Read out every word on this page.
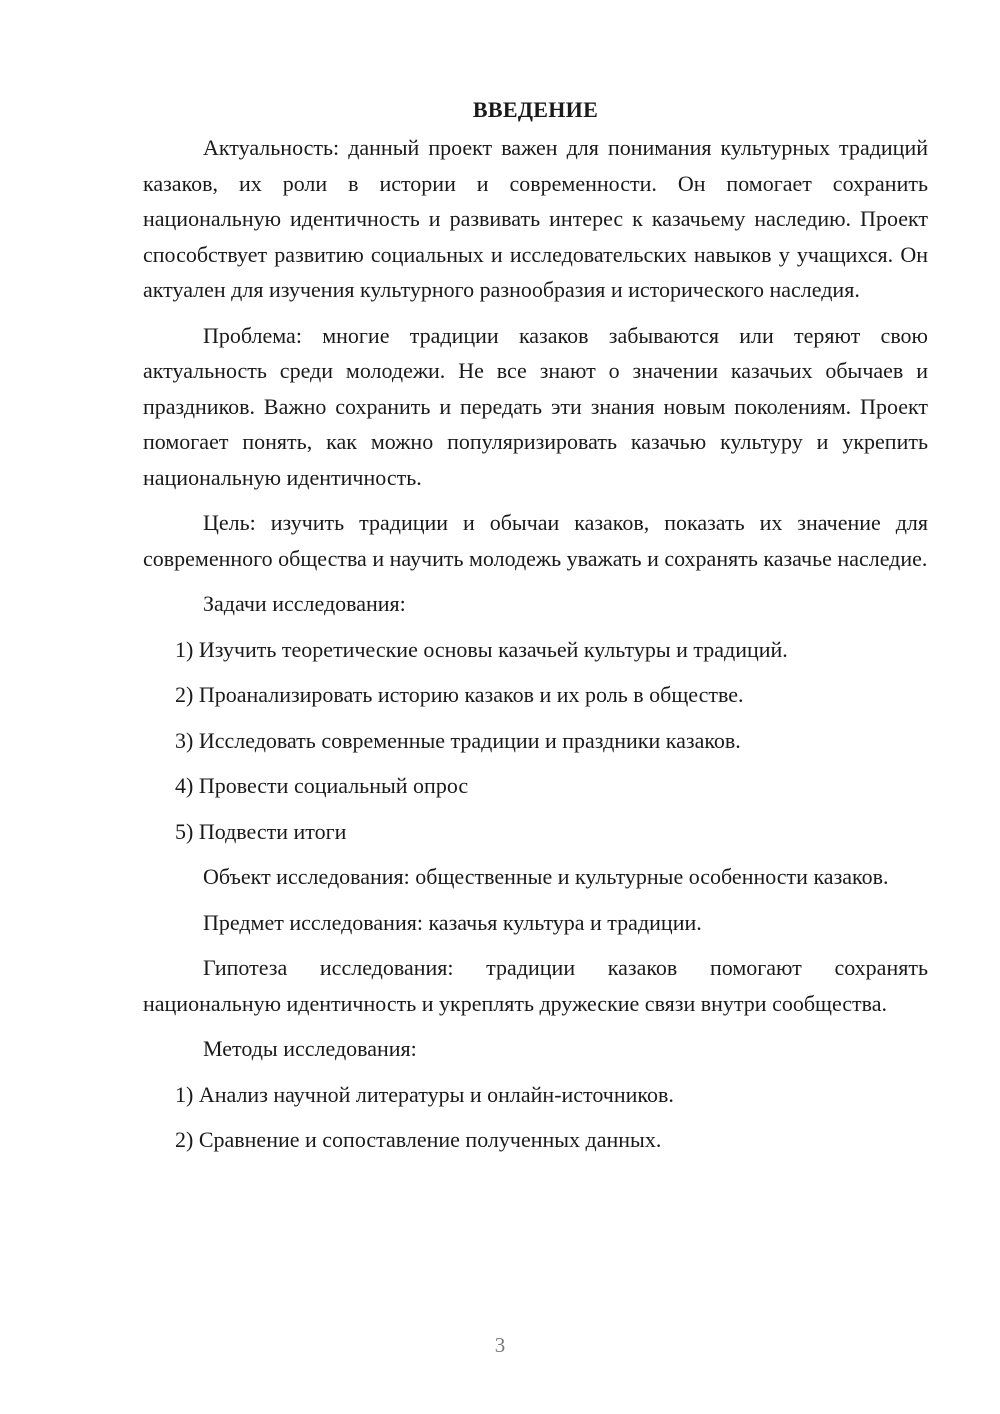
ВВЕДЕНИЕ

Актуальность: данный проект важен для понимания культурных традиций казаков, их роли в истории и современности. Он помогает сохранить национальную идентичность и развивать интерес к казачьему наследию. Проект способствует развитию социальных и исследовательских навыков у учащихся. Он актуален для изучения культурного разнообразия и исторического наследия.

Проблема: многие традиции казаков забываются или теряют свою актуальность среди молодежи. Не все знают о значении казачьих обычаев и праздников. Важно сохранить и передать эти знания новым поколениям. Проект помогает понять, как можно популяризировать казачью культуру и укрепить национальную идентичность.

Цель: изучить традиции и обычаи казаков, показать их значение для современного общества и научить молодежь уважать и сохранять казачье наследие.

Задачи исследования:

1) Изучить теоретические основы казачьей культуры и традиций.
2) Проанализировать историю казаков и их роль в обществе.
3) Исследовать современные традиции и праздники казаков.
4) Провести социальный опрос
5) Подвести итоги

Объект исследования: общественные и культурные особенности казаков.

Предмет исследования: казачья культура и традиции.

Гипотеза исследования: традиции казаков помогают сохранять национальную идентичность и укреплять дружеские связи внутри сообщества.

Методы исследования:

1) Анализ научной литературы и онлайн-источников.
2) Сравнение и сопоставление полученных данных.
3
